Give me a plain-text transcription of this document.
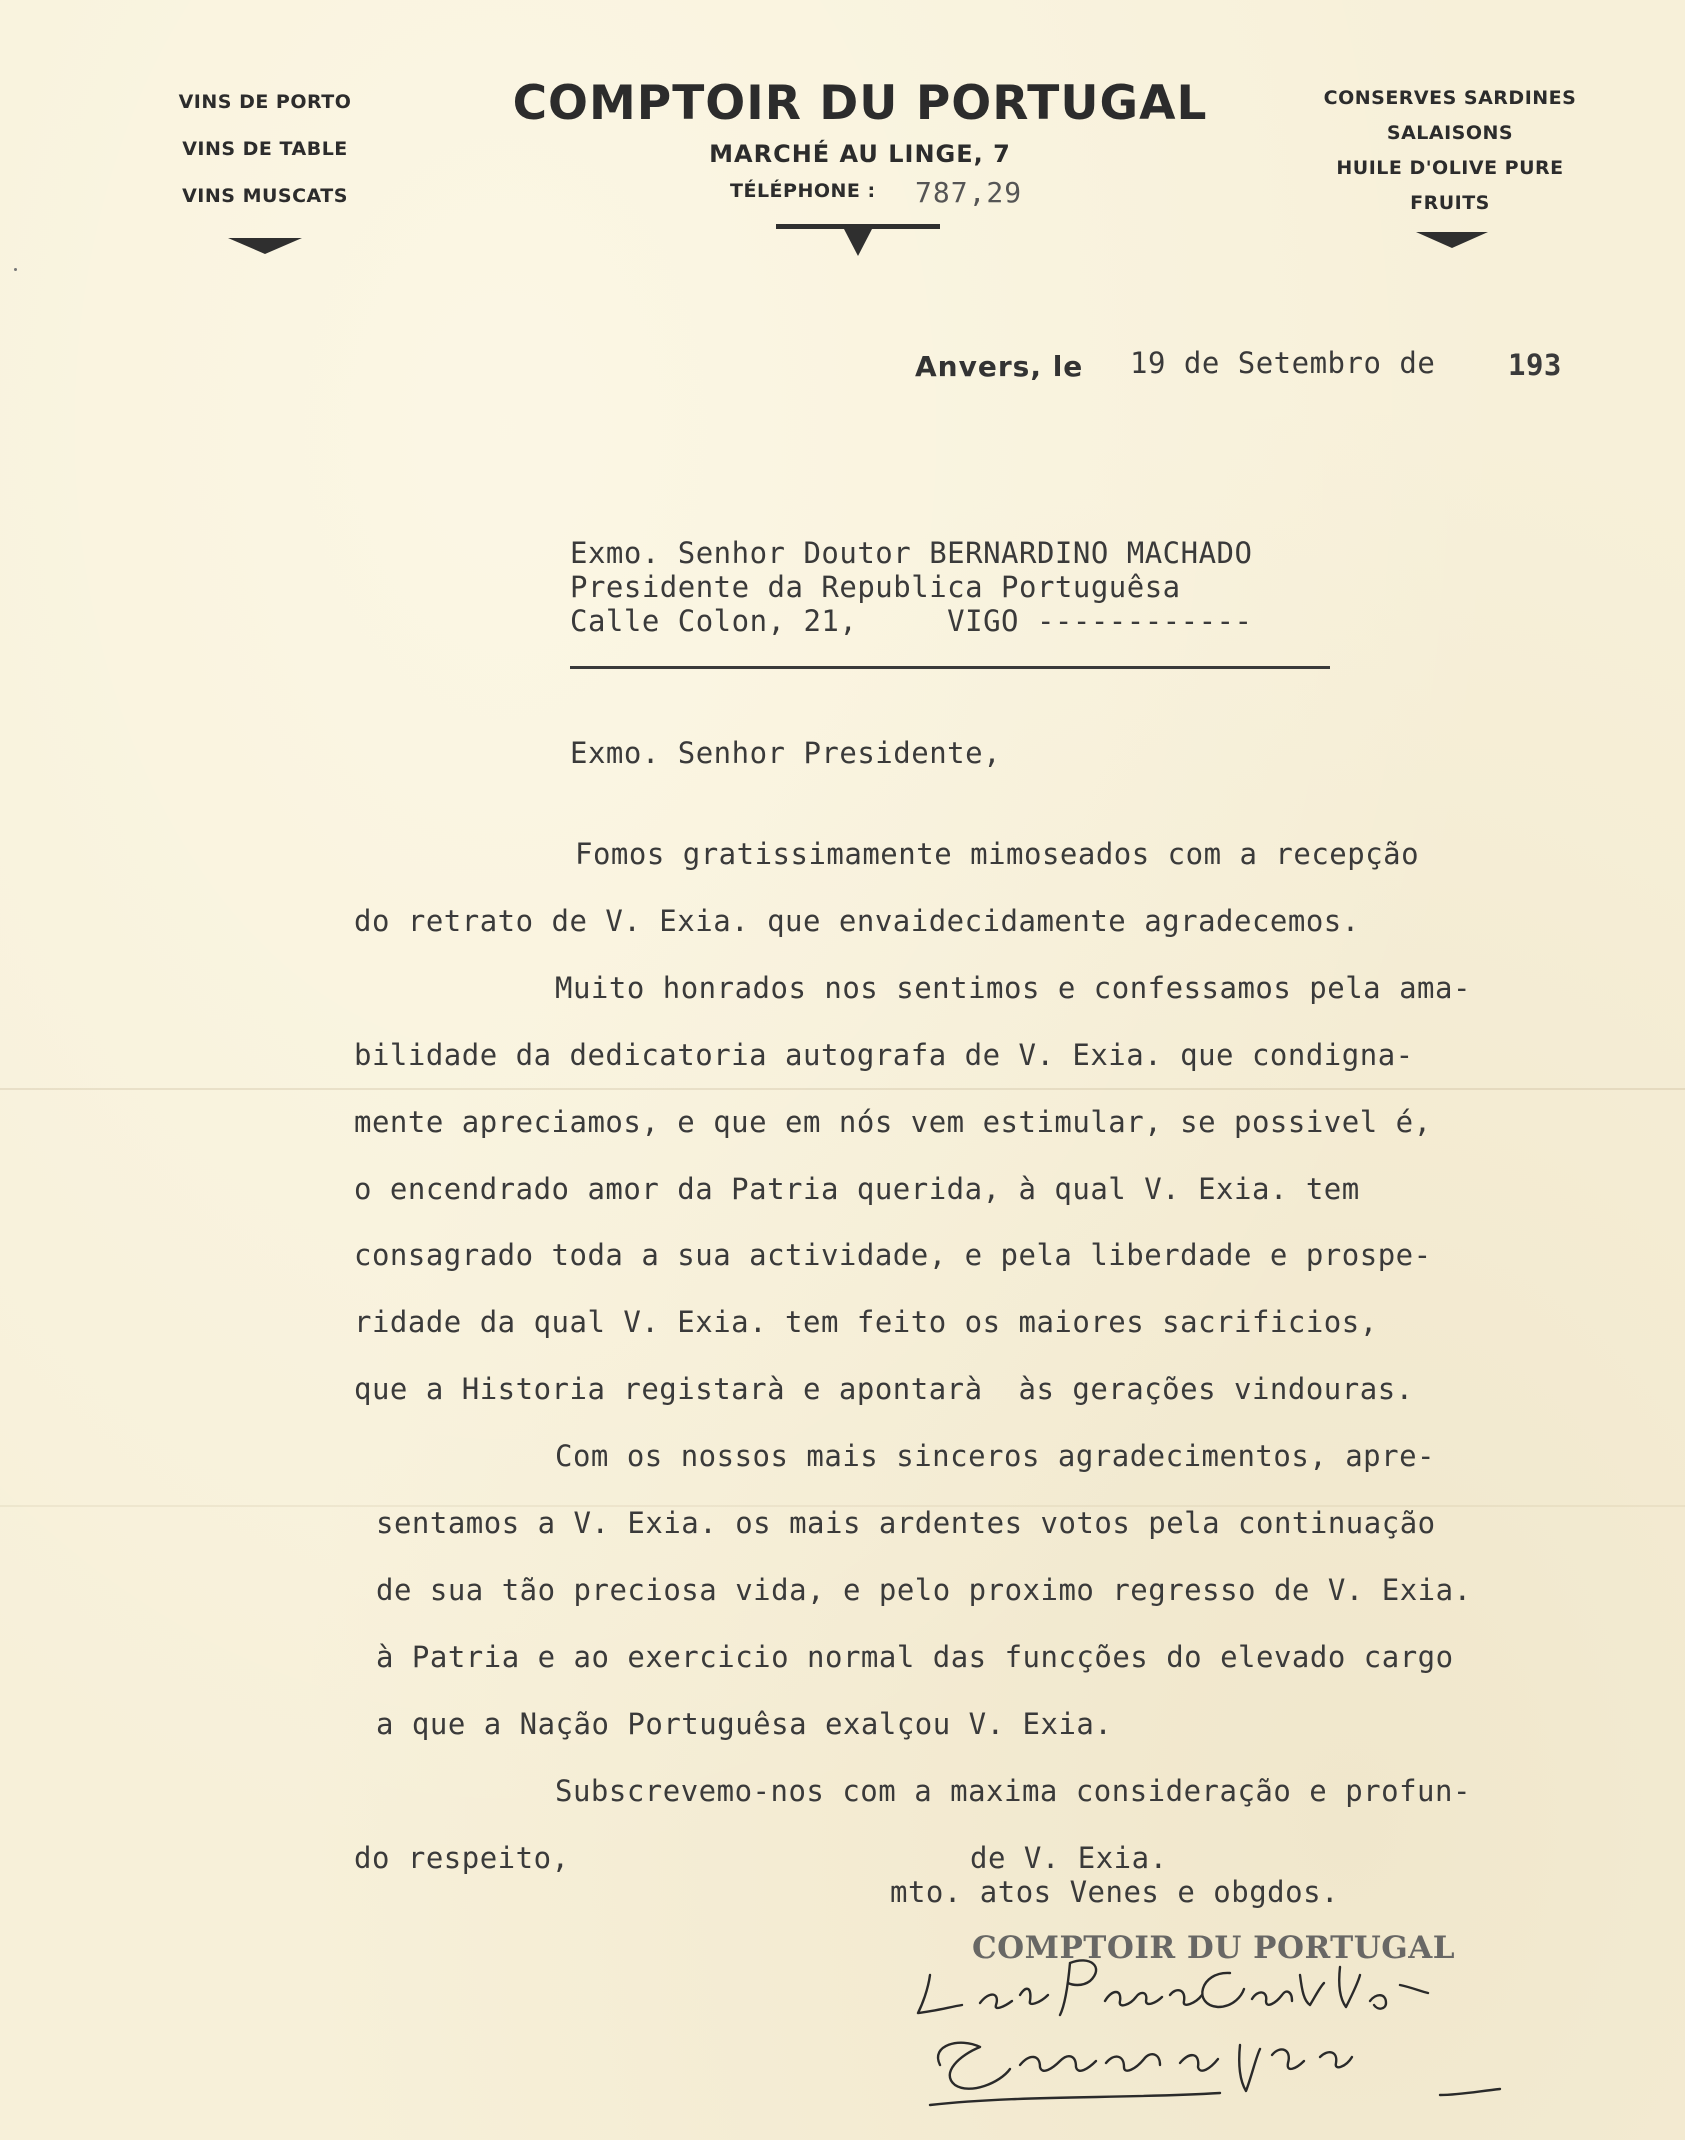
VINS DE PORTO
VINS DE TABLE
VINS MUSCATS
COMPTOIR DU PORTUGAL
MARCHÉ AU LINGE, 7
TÉLÉPHONE : 787,29
CONSERVES SARDINES
SALAISONS
HUILE D'OLIVE PURE
FRUITS
Anvers, le 19 de Setembro de	193
Exmo. Senhor Doutor BERNARDINO MACHADO
Presidente da Republica Portuguêsa
Calle Colon, 21,     VIGO ------------
Exmo. Senhor Presidente,
Fomos gratissimamente mimoseados com a recepção
do retrato de V. Exia. que envaidecidamente agradecemos.
Muito honrados nos sentimos e confessamos pela ama-
bilidade da dedicatoria autografa de V. Exia. que condigna-
mente apreciamos, e que em nós vem estimular, se possivel é,
o encendrado amor da Patria querida, à qual V. Exia. tem
consagrado toda a sua actividade, e pela liberdade e prospe-
ridade da qual V. Exia. tem feito os maiores sacrificios,
que a Historia registarà e apontarà  às gerações vindouras.
Com os nossos mais sinceros agradecimentos, apre-
sentamos a V. Exia. os mais ardentes votos pela continuação
de sua tão preciosa vida, e pelo proximo regresso de V. Exia.
à Patria e ao exercicio normal das funcções do elevado cargo
a que a Nação Portuguêsa exalçou V. Exia.
Subscrevemo-nos com a maxima consideração e profun-
do respeito,	de V. Exia.
mto. atos Venes e obgdos.
COMPTOIR DU PORTUGAL
